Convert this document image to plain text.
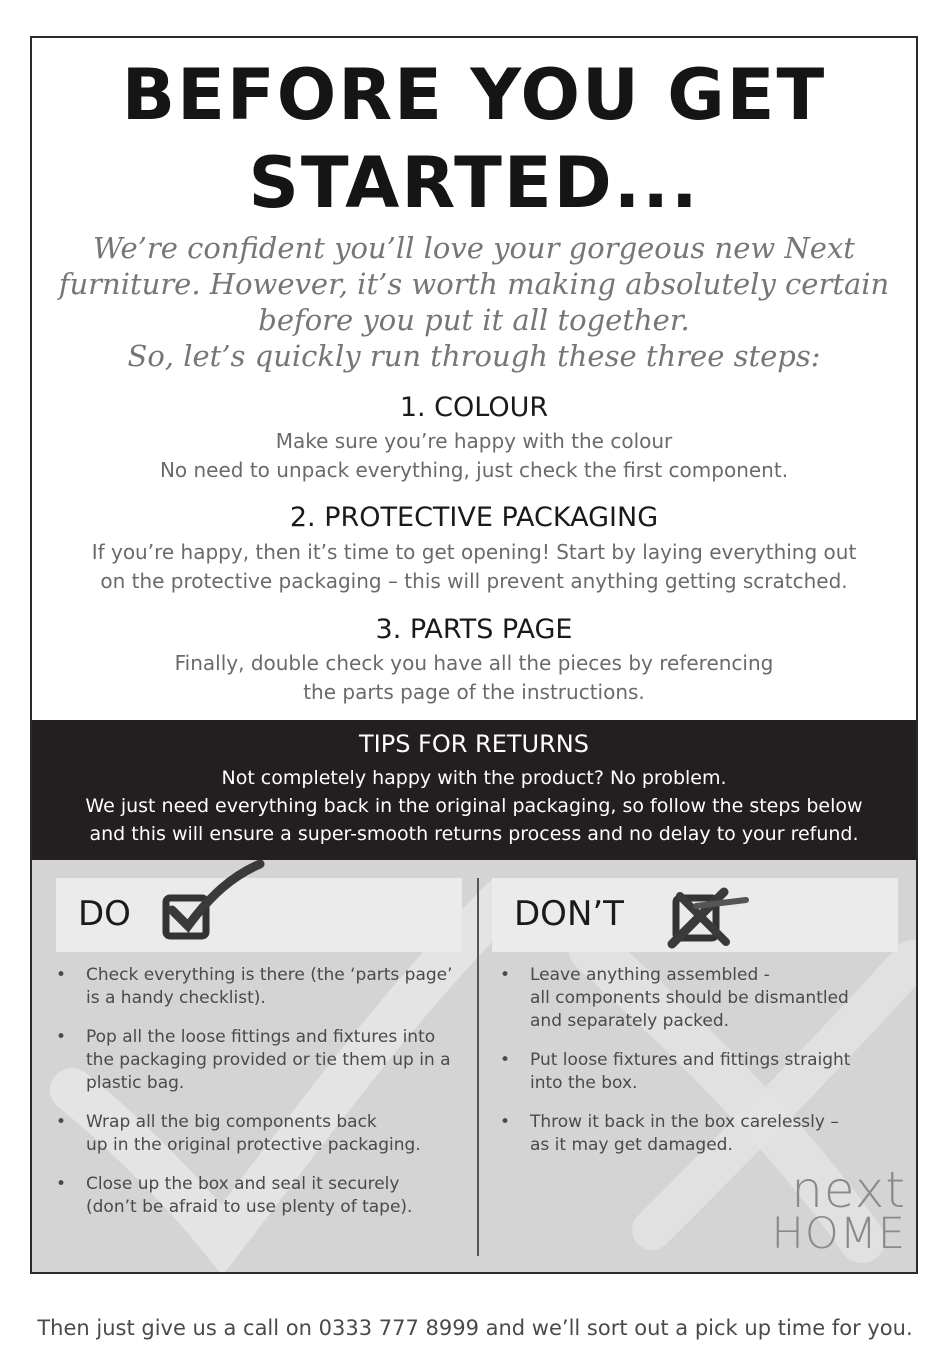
BEFORE YOU GET
STARTED...
We’re confident you’ll love your gorgeous new Next
furniture. However, it’s worth making absolutely certain
before you put it all together.
So, let’s quickly run through these three steps:
1. COLOUR
Make sure you’re happy with the colour
No need to unpack everything, just check the first component.
2. PROTECTIVE PACKAGING
If you’re happy, then it’s time to get opening! Start by laying everything out
on the protective packaging – this will prevent anything getting scratched.
3. PARTS PAGE
Finally, double check you have all the pieces by referencing
the parts page of the instructions.
TIPS FOR RETURNS
Not completely happy with the product? No problem.
We just need everything back in the original packaging, so follow the steps below
and this will ensure a super-smooth returns process and no delay to your refund.
DO	DON’T
• Check everything is there (the ‘parts page’
is a handy checklist).
• Pop all the loose fittings and fixtures into
the packaging provided or tie them up in a
plastic bag.
• Wrap all the big components back
up in the original protective packaging.
• Close up the box and seal it securely
(don’t be afraid to use plenty of tape).
• Leave anything assembled -
all components should be dismantled
and separately packed.
• Put loose fixtures and fittings straight
into the box.
• Throw it back in the box carelessly –
as it may get damaged.
next
HOME
Then just give us a call on 0333 777 8999 and we’ll sort out a pick up time for you.
